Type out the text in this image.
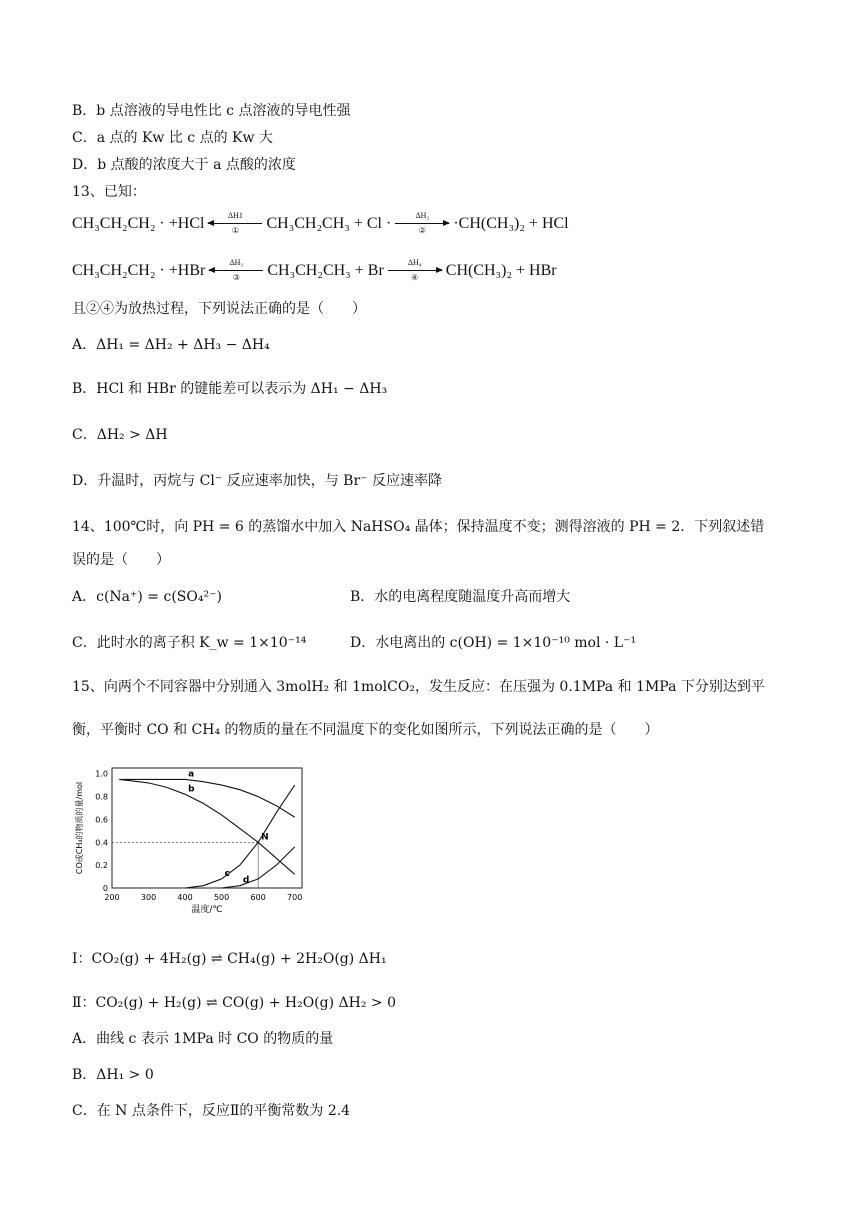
B．b 点溶液的导电性比 c 点溶液的导电性强
C．a 点的 Kw 比 c 点的 Kw 大
D．b 点酸的浓度大于 a 点酸的浓度
13、已知：
CH₃CH₂CH₂ · +HCl	ΔH1
①	CH₃CH₂CH₃ + Cl ·	ΔH₂
②	·CH(CH₃)₂ + HCl
CH₃CH₂CH₂ · +HBr	ΔH₃
③	CH₃CH₂CH₃ + Br	ΔH₄
④	CH(CH₃)₂ + HBr
且②④为放热过程，下列说法正确的是（　　）
A．ΔH₁ = ΔH₂ + ΔH₃ − ΔH₄
B．HCl 和 HBr 的键能差可以表示为 ΔH₁ − ΔH₃
C．ΔH₂ > ΔH
D．升温时，丙烷与 Cl⁻ 反应速率加快，与 Br⁻ 反应速率降
14、100℃时，向 PH = 6 的蒸馏水中加入 NaHSO₄ 晶体；保持温度不变；测得溶液的 PH = 2．下列叙述错
误的是（　　）
A．c(Na⁺) = c(SO₄²⁻)	B．水的电离程度随温度升高而增大
C．此时水的离子积 K_w = 1×10⁻¹⁴	D．水电离出的 c(OH) = 1×10⁻¹⁰ mol · L⁻¹
15、向两个不同容器中分别通入 3molH₂ 和 1molCO₂，发生反应：在压强为 0.1MPa 和 1MPa 下分别达到平
衡，平衡时 CO 和 CH₄ 的物质的量在不同温度下的变化如图所示，下列说法正确的是（　　）
200	300	400	500	600	700
0
0.2
0.4
0.6
0.8
1.0	a
b
c
d
N
温度/℃
CO或CH₄的物质的量/mol
Ⅰ：CO₂(g) + 4H₂(g) ⇌ CH₄(g) + 2H₂O(g) ΔH₁
Ⅱ：CO₂(g) + H₂(g) ⇌ CO(g) + H₂O(g) ΔH₂ > 0
A．曲线 c 表示 1MPa 时 CO 的物质的量
B．ΔH₁ > 0
C．在 N 点条件下，反应Ⅱ的平衡常数为 2.4
